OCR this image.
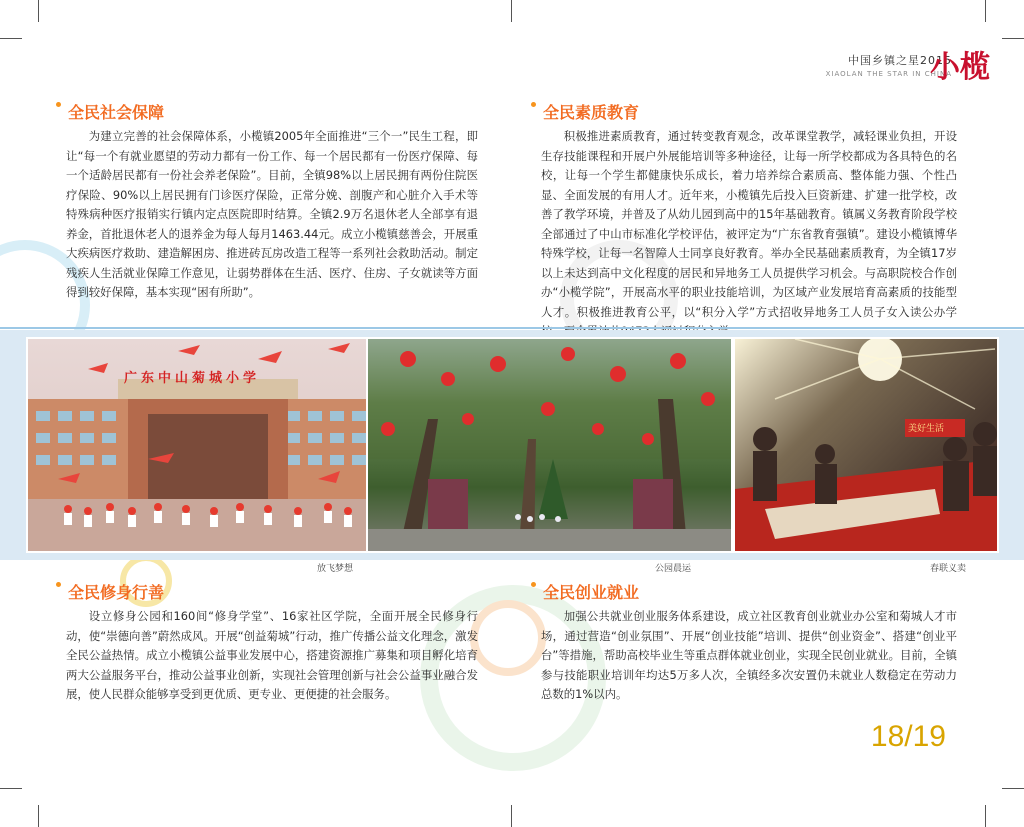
中国乡镇之星2015
XIAOLAN THE STAR IN CHINA
小榄
全民社会保障

为建立完善的社会保障体系，小榄镇2005年全面推进“三个一”民生工程，即让“每一个有就业愿望的劳动力都有一份工作、每一个居民都有一份医疗保障、每一个适龄居民都有一份社会养老保险”。目前，全镇98%以上居民拥有两份住院医疗保险、90%以上居民拥有门诊医疗保险，正常分娩、剖腹产和心脏介入手术等特殊病种医疗报销实行镇内定点医院即时结算。全镇2.9万名退休老人全部享有退养金，首批退休老人的退养金为每人每月1463.44元。成立小榄镇慈善会，开展重大疾病医疗救助、建造解困房、推进砖瓦房改造工程等一系列社会救助活动。制定残疾人生活就业保障工作意见，让弱势群体在生活、医疗、住房、子女就读等方面得到较好保障，基本实现“困有所助”。

全民素质教育

积极推进素质教育，通过转变教育观念，改革课堂教学，减轻课业负担，开设生存技能课程和开展户外展能培训等多种途径，让每一所学校都成为各具特色的名校，让每一个学生都健康快乐成长，着力培养综合素质高、整体能力强、个性凸显、全面发展的有用人才。近年来，小榄镇先后投入巨资新建、扩建一批学校，改善了教学环境，并普及了从幼儿园到高中的15年基础教育。镇属义务教育阶段学校全部通过了中山市标准化学校评估，被评定为“广东省教育强镇”。建设小榄镇博华特殊学校，让每一名智障人士同享良好教育。举办全民基础素质教育，为全镇17岁以上未达到高中文化程度的居民和异地务工人员提供学习机会。与高职院校合作创办“小榄学院”，开展高水平的职业技能培训，为区域产业发展培育高素质的技能型人才。积极推进教育公平，以“积分入学”方式招收异地务工人员子女入读公办学

广东中山菊城小学
放飞梦想	公园晨运
美好生活
春联义卖
全民修身行善

设立修身公园和160间“修身学堂”、16家社区学院，全面开展全民修身行动，使“崇德向善”蔚然成风。开展“创益菊城”行动，推广传播公益文化理念，激发全民公益热情。成立小榄镇公益事业发展中心，搭建资源推广募集和项目孵化培育两大公益服务平台，推动公益事业创新，实现社会管理创新与社会公益事业融合发展，使人民群众能够享受到更优质、更专业、更便捷的社会服务。

全民创业就业

加强公共就业创业服务体系建设，成立社区教育创业就业办公室和菊城人才市场，通过营造“创业氛围”、开展“创业技能”培训、提供“创业资金”、搭建“创业平台”等措施，帮助高校毕业生等重点群体就业创业，实现全民创业就业。目前，全镇参与技能职业培训年均达5万多人次，全镇经多次安置仍未就业人数稳定在劳动力总数的1%以内。

18/19
